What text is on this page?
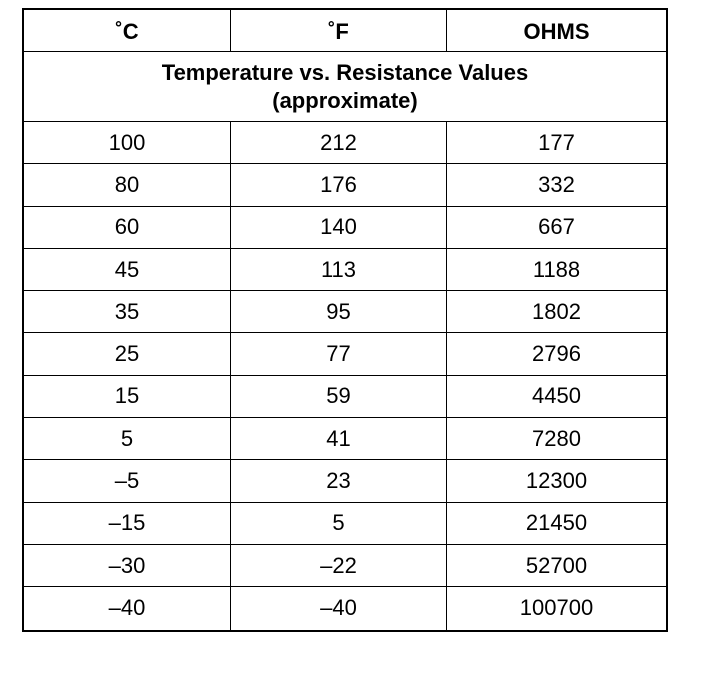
˚C	˚F	OHMS
Temperature vs. Resistance Values
(approximate)
100	212	177
80	176	332
60	140	667
45	113	1188
35	95	1802
25	77	2796
15	59	4450
5	41	7280
–5	23	12300
–15	5	21450
–30	–22	52700
–40	–40	100700
